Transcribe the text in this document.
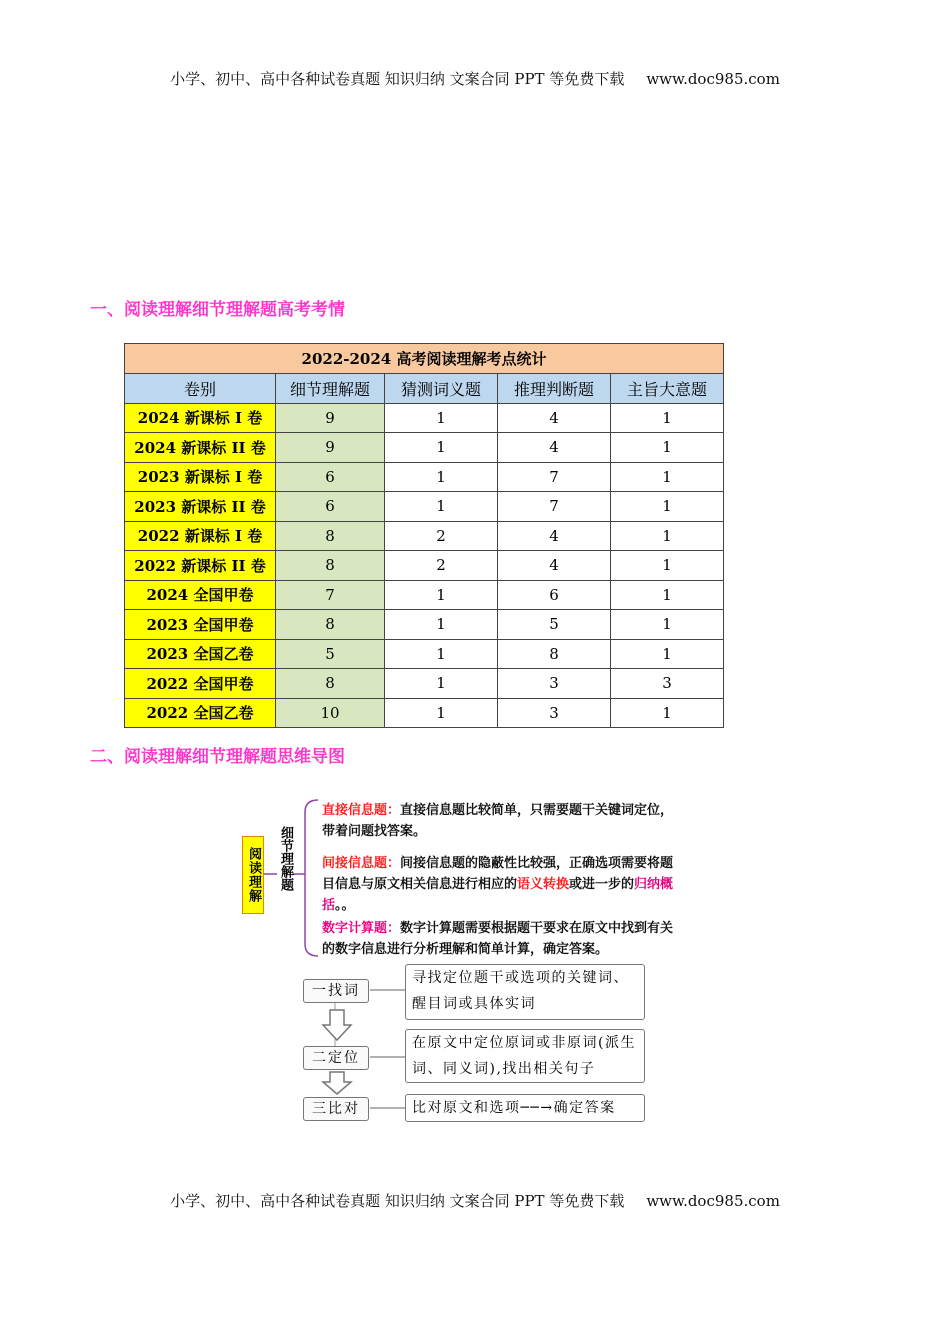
小学、初中、高中各种试卷真题 知识归纳 文案合同 PPT 等免费下载 www.doc985.com
一、阅读理解细节理解题高考考情
2022-2024 高考阅读理解考点统计				
卷别	细节理解题	猜测词义题	推理判断题	主旨大意题
2024 新课标 I 卷	9	1	4	1
2024 新课标 II 卷	9	1	4	1
2023 新课标 I 卷	6	1	7	1
2023 新课标 II 卷	6	1	7	1
2022 新课标 I 卷	8	2	4	1
2022 新课标 II 卷	8	2	4	1
2024 全国甲卷	7	1	6	1
2023 全国甲卷	8	1	5	1
2023 全国乙卷	5	1	8	1
2022 全国甲卷	8	1	3	3
2022 全国乙卷	10	1	3	1
二、阅读理解细节理解题思维导图
阅读理解 细节理解题
直接信息题：直接信息题比较简单，只需要题干关键词定位，带着问题找答案。
间接信息题：间接信息题的隐蔽性比较强，正确选项需要将题目信息与原文相关信息进行相应的语义转换或进一步的归纳概括。。
数字计算题：数字计算题需要根据题干要求在原文中找到有关的数字信息进行分析理解和简单计算，确定答案。
一找词
寻找定位题干或选项的关键词、醒目词或具体实词
二定位
在原文中定位原词或非原词(派生词、同义词),找出相关句子
三比对	比对原文和选项──→确定答案
小学、初中、高中各种试卷真题 知识归纳 文案合同 PPT 等免费下载 www.doc985.com
